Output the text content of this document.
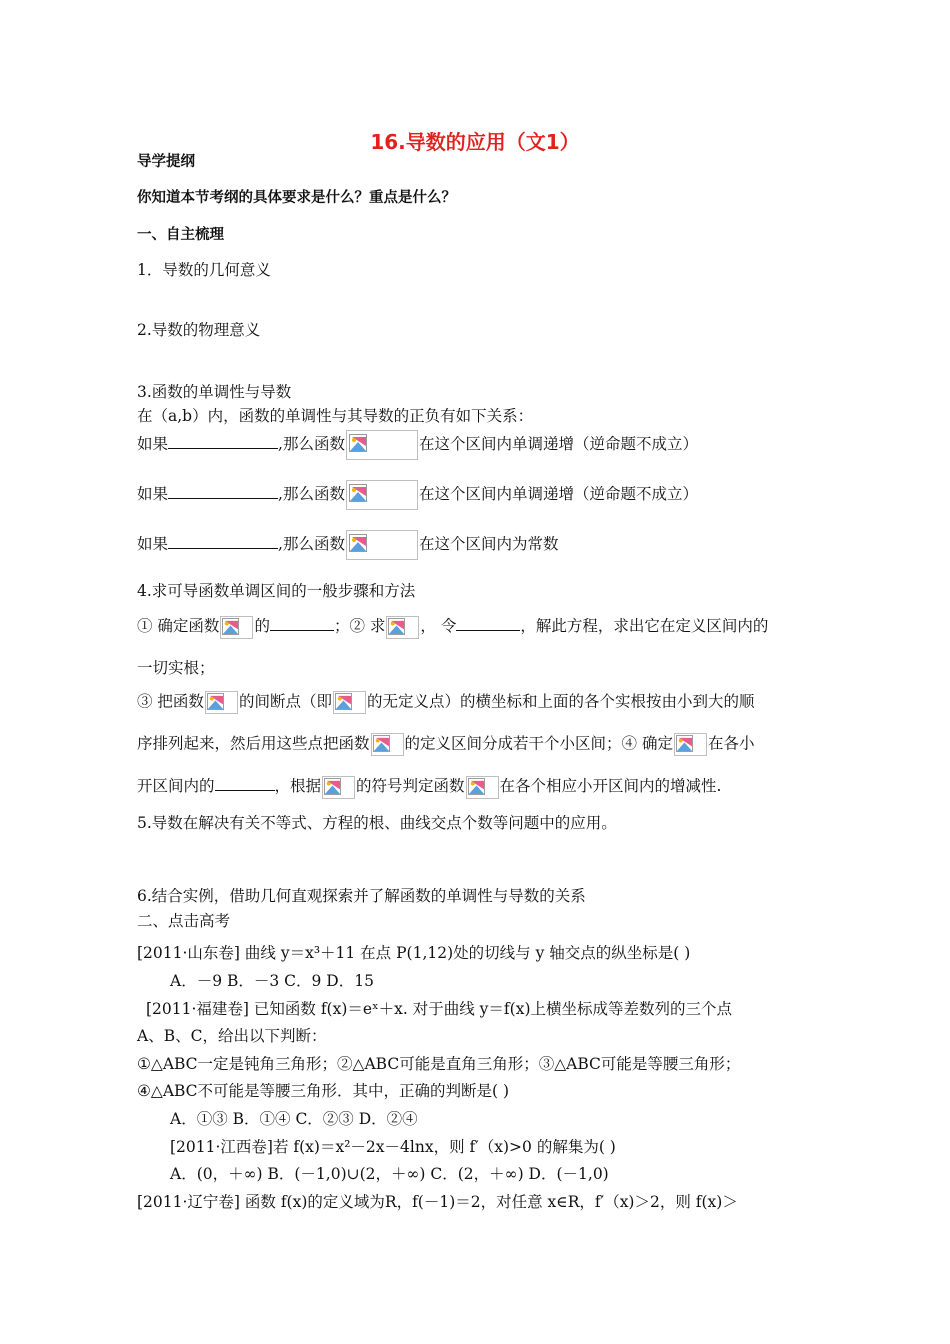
16.导数的应用（文1）
导学提纲
你知道本节考纲的具体要求是什么？重点是什么？
一、自主梳理
1．导数的几何意义
2.导数的物理意义
3.函数的单调性与导数
在（a,b）内，函数的单调性与其导数的正负有如下关系：
如果	,那么函数	在这个区间内单调递增（逆命题不成立）
如果	,那么函数	在这个区间内单调递增（逆命题不成立）
如果	,那么函数	在这个区间内为常数
4.求可导函数单调区间的一般步骤和方法
① 确定函数 的	；② 求 ， 令	，解此方程，求出它在定义区间内的
一切实根；
③ 把函数 的间断点（即 的无定义点）的横坐标和上面的各个实根按由小到大的顺
序排列起来，然后用这些点把函数 的定义区间分成若干个小区间；④ 确定 在各小
开区间内的	，根据 的符号判定函数 在各个相应小开区间内的增减性.
5.导数在解决有关不等式、方程的根、曲线交点个数等问题中的应用。
6.结合实例，借助几何直观探索并了解函数的单调性与导数的关系
二、点击高考
[2011·山东卷] 曲线 y＝x³＋11 在点 P(1,12)处的切线与 y 轴交点的纵坐标是( )
A．－9 B．－3 C．9 D．15
[2011·福建卷] 已知函数 f(x)＝eˣ＋x. 对于曲线 y＝f(x)上横坐标成等差数列的三个点
A、B、C，给出以下判断：
①△ABC一定是钝角三角形；②△ABC可能是直角三角形；③△ABC可能是等腰三角形；
④△ABC不可能是等腰三角形．其中，正确的判断是( )
A．①③ B．①④ C．②③ D．②④
[2011·江西卷]若 f(x)＝x²－2x－4lnx，则 f′（x)>0 的解集为( )
A．(0，＋∞) B．(－1,0)∪(2，＋∞) C．(2，＋∞) D．(－1,0)
[2011·辽宁卷] 函数 f(x)的定义域为R，f(－1)＝2，对任意 x∈R，f′（x)＞2，则 f(x)＞
